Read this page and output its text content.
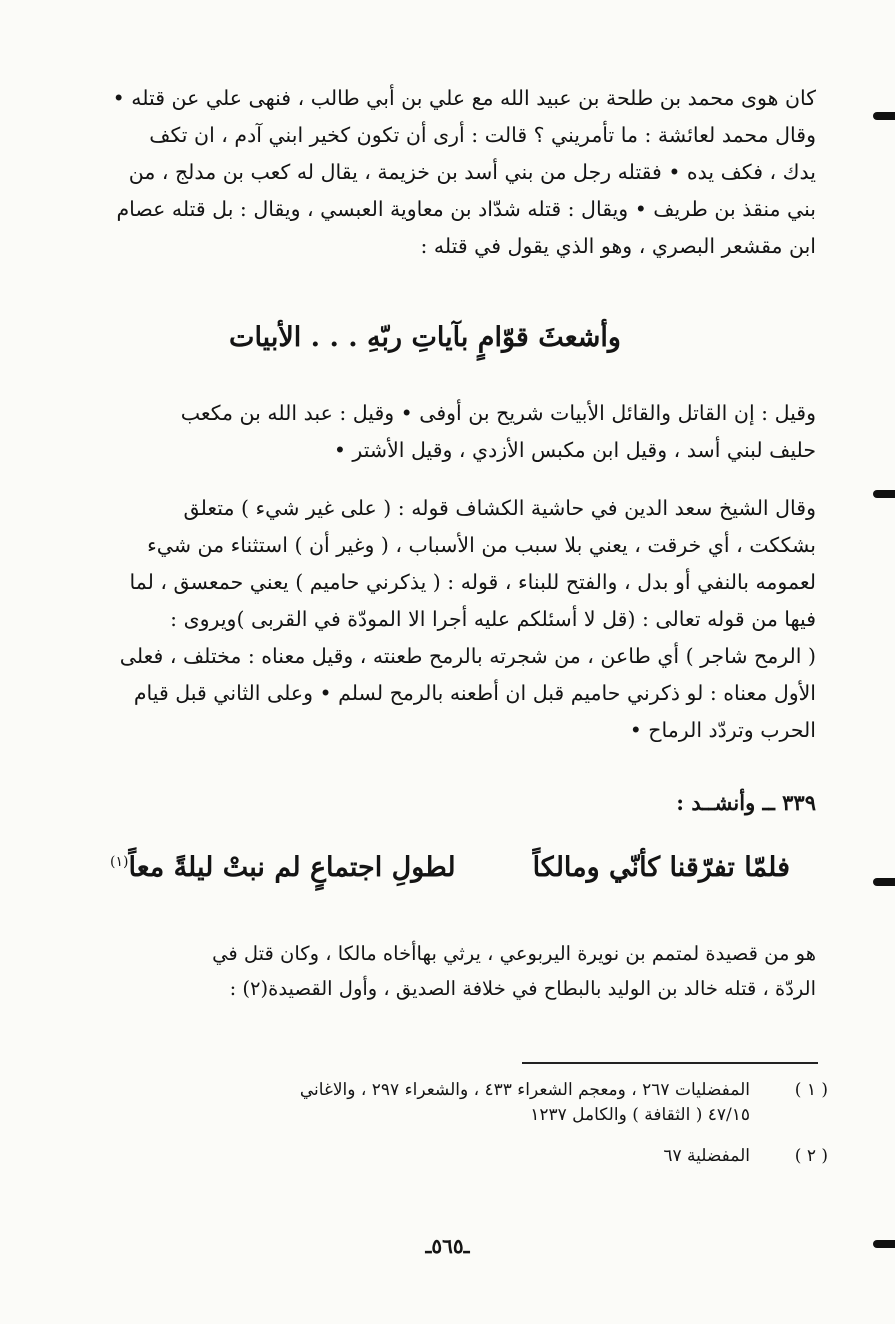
كان هوى محمد بن طلحة بن عبيد الله مع علي بن أبي طالب ، فنهى علي عن قتله •
وقال محمد لعائشة : ما تأمريني ؟ قالت : أرى أن تكون كخير ابني آدم ، ان تكف
يدك ، فكف يده • فقتله رجل من بني أسد بن خزيمة ، يقال له كعب بن مدلج ، من
بني منقذ بن طريف • ويقال : قتله شدّاد بن معاوية العبسي ، ويقال : بل قتله عصام
ابن مقشعر البصري ، وهو الذي يقول في قتله :
وأشعثَ قوّامٍ بآياتِ ربّهِ . . . الأبيات
وقيل : إن القاتل والقائل الأبيات شريح بن أوفى • وقيل : عبد الله بن مكعب
حليف لبني أسد ، وقيل ابن مكبس الأزدي ، وقيل الأشتر •
وقال الشيخ سعد الدين في حاشية الكشاف قوله : ( على غير شيء ) متعلق
بشككت ، أي خرقت ، يعني بلا سبب من الأسباب ، ( وغير أن ) استثناء من شيء
لعمومه بالنفي أو بدل ، والفتح للبناء ، قوله : ( يذكرني حاميم ) يعني حمعسق ، لما
فيها من قوله تعالى : (قل لا أسئلكم عليه أجرا الا المودّة في القربى )ويروى :
( الرمح شاجر ) أي طاعن ، من شجرته بالرمح طعنته ، وقيل معناه : مختلف ، فعلى
الأول معناه : لو ذكرني حاميم قبل ان أطعنه بالرمح لسلم • وعلى الثاني قبل قيام
الحرب وتردّد الرماح •
٣٣٩ ــ وأنشــد :
فلمّا تفرّقنا كأنّي ومالكاً
لطولِ اجتماعٍ لم نبتْ ليلةً معاً$^{(١)}$
هو من قصيدة لمتمم بن نويرة اليربوعي ، يرثي بهاأخاه مالكا ، وكان قتل في
الردّة ، قتله خالد بن الوليد بالبطاح في خلافة الصديق ، وأول القصيدة(٢) :
( ١ )
المفضليات ٢٦٧ ، ومعجم الشعراء ٤٣٣ ، والشعراء ٢٩٧ ، والاغاني
٤٧/١٥ ( الثقافة ) والكامل ١٢٣٧
( ٢ )
المفضلية ٦٧
ـ٥٦٥ـ
